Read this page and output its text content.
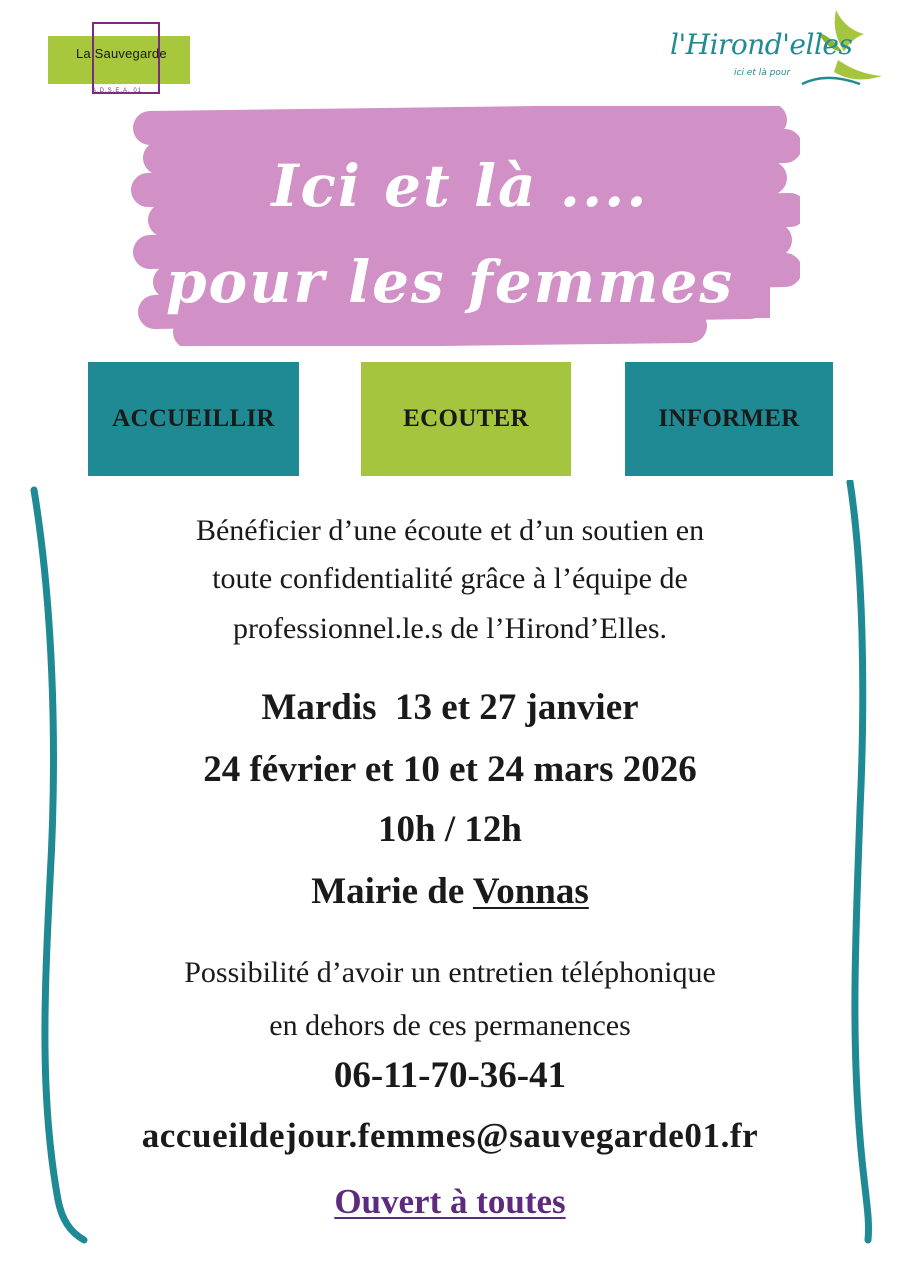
La Sauvegarde
A.D.S.E.A. 01
l'Hirond'elles
ici et là pour
Ici et là ....
pour les femmes
ACCUEILLIR	ECOUTER	INFORMER
Bénéficier d’une écoute et d’un soutien en
toute confidentialité grâce à l’équipe de
professionnel.le.s de l’Hirond’Elles.
Mardis  13 et 27 janvier
24 février et 10 et 24 mars 2026
10h / 12h
Mairie de Vonnas
Possibilité d’avoir un entretien téléphonique
en dehors de ces permanences
06-11-70-36-41
accueildejour.femmes@sauvegarde01.fr
Ouvert à toutes
